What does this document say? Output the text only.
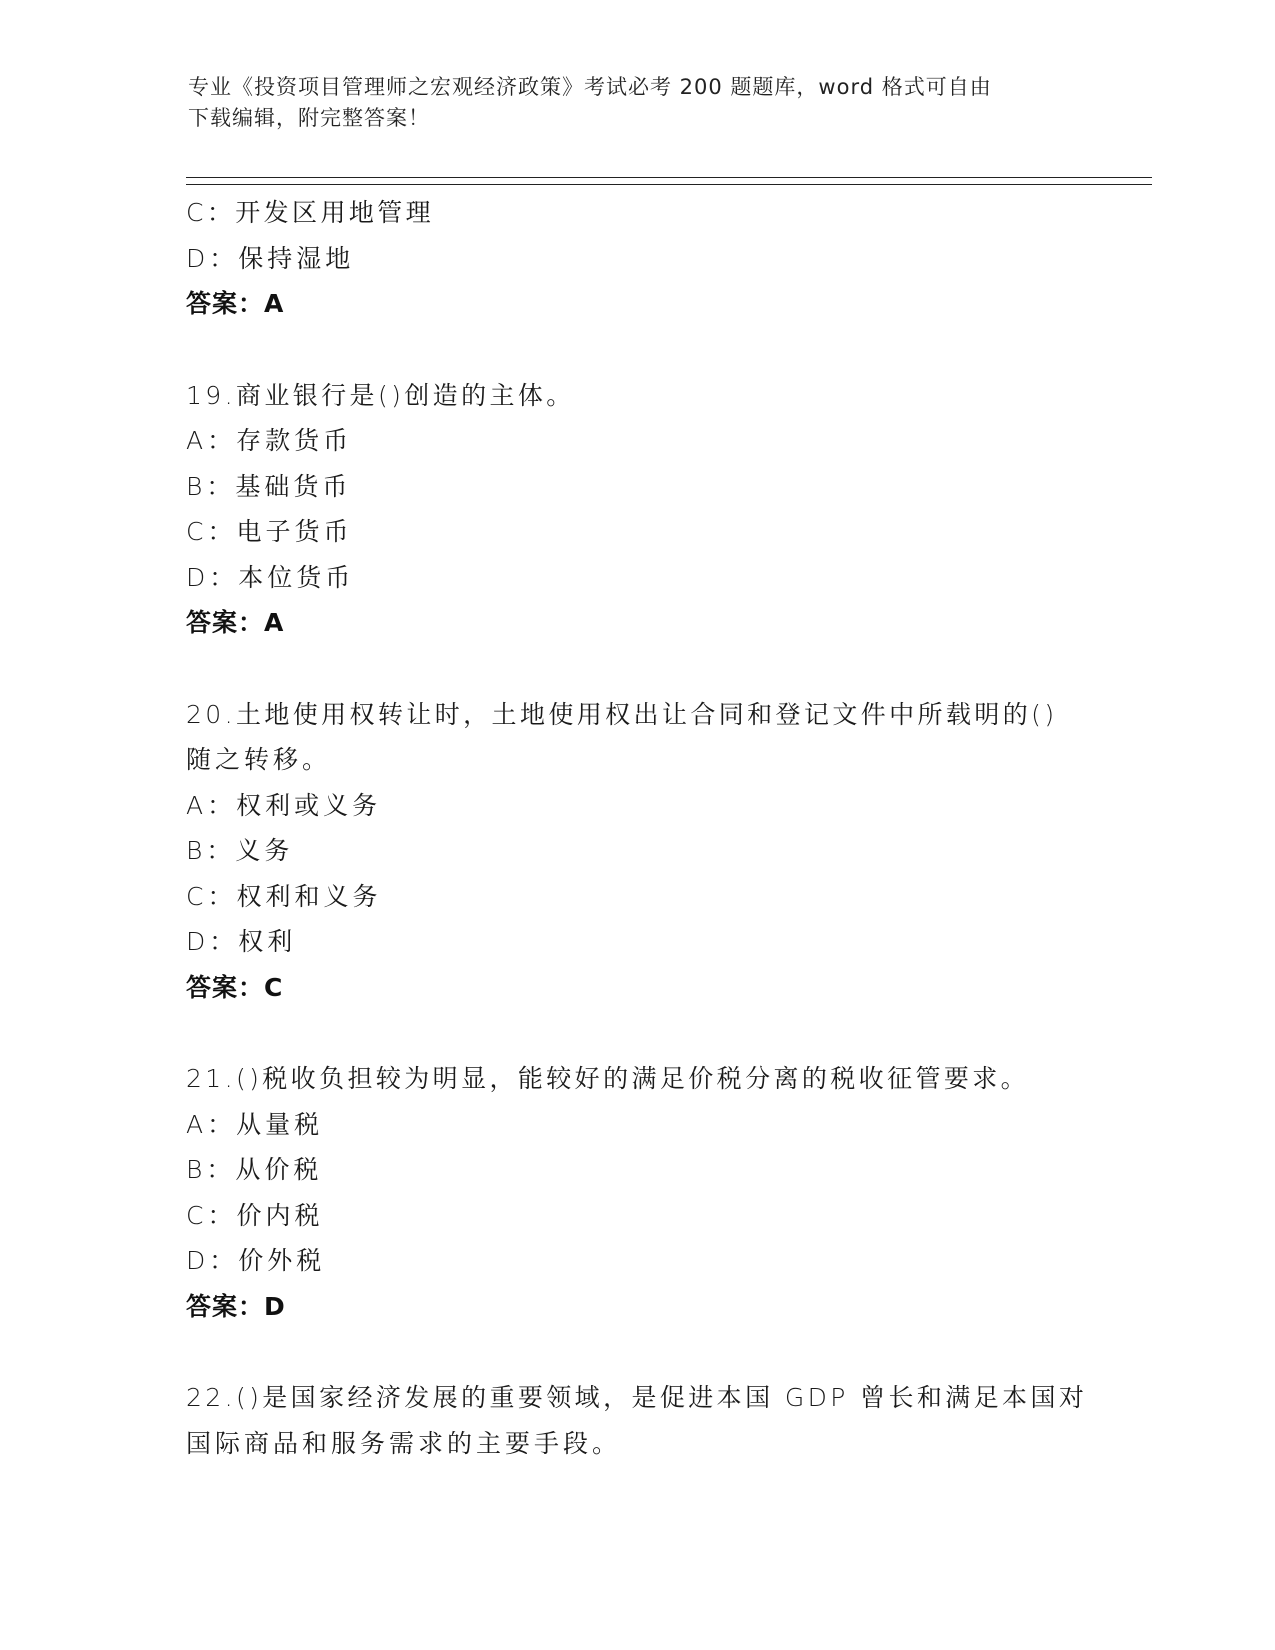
专业《投资项目管理师之宏观经济政策》考试必考 200 题题库，word 格式可自由
下载编辑，附完整答案！
C：开发区用地管理
D：保持湿地
答案：A
19.商业银行是()创造的主体。
A：存款货币
B：基础货币
C：电子货币
D：本位货币
答案：A
20.土地使用权转让时，土地使用权出让合同和登记文件中所载明的()
随之转移。
A：权利或义务
B：义务
C：权利和义务
D：权利
答案：C
21.()税收负担较为明显，能较好的满足价税分离的税收征管要求。
A：从量税
B：从价税
C：价内税
D：价外税
答案：D
22.()是国家经济发展的重要领域，是促进本国 GDP 曾长和满足本国对
国际商品和服务需求的主要手段。
